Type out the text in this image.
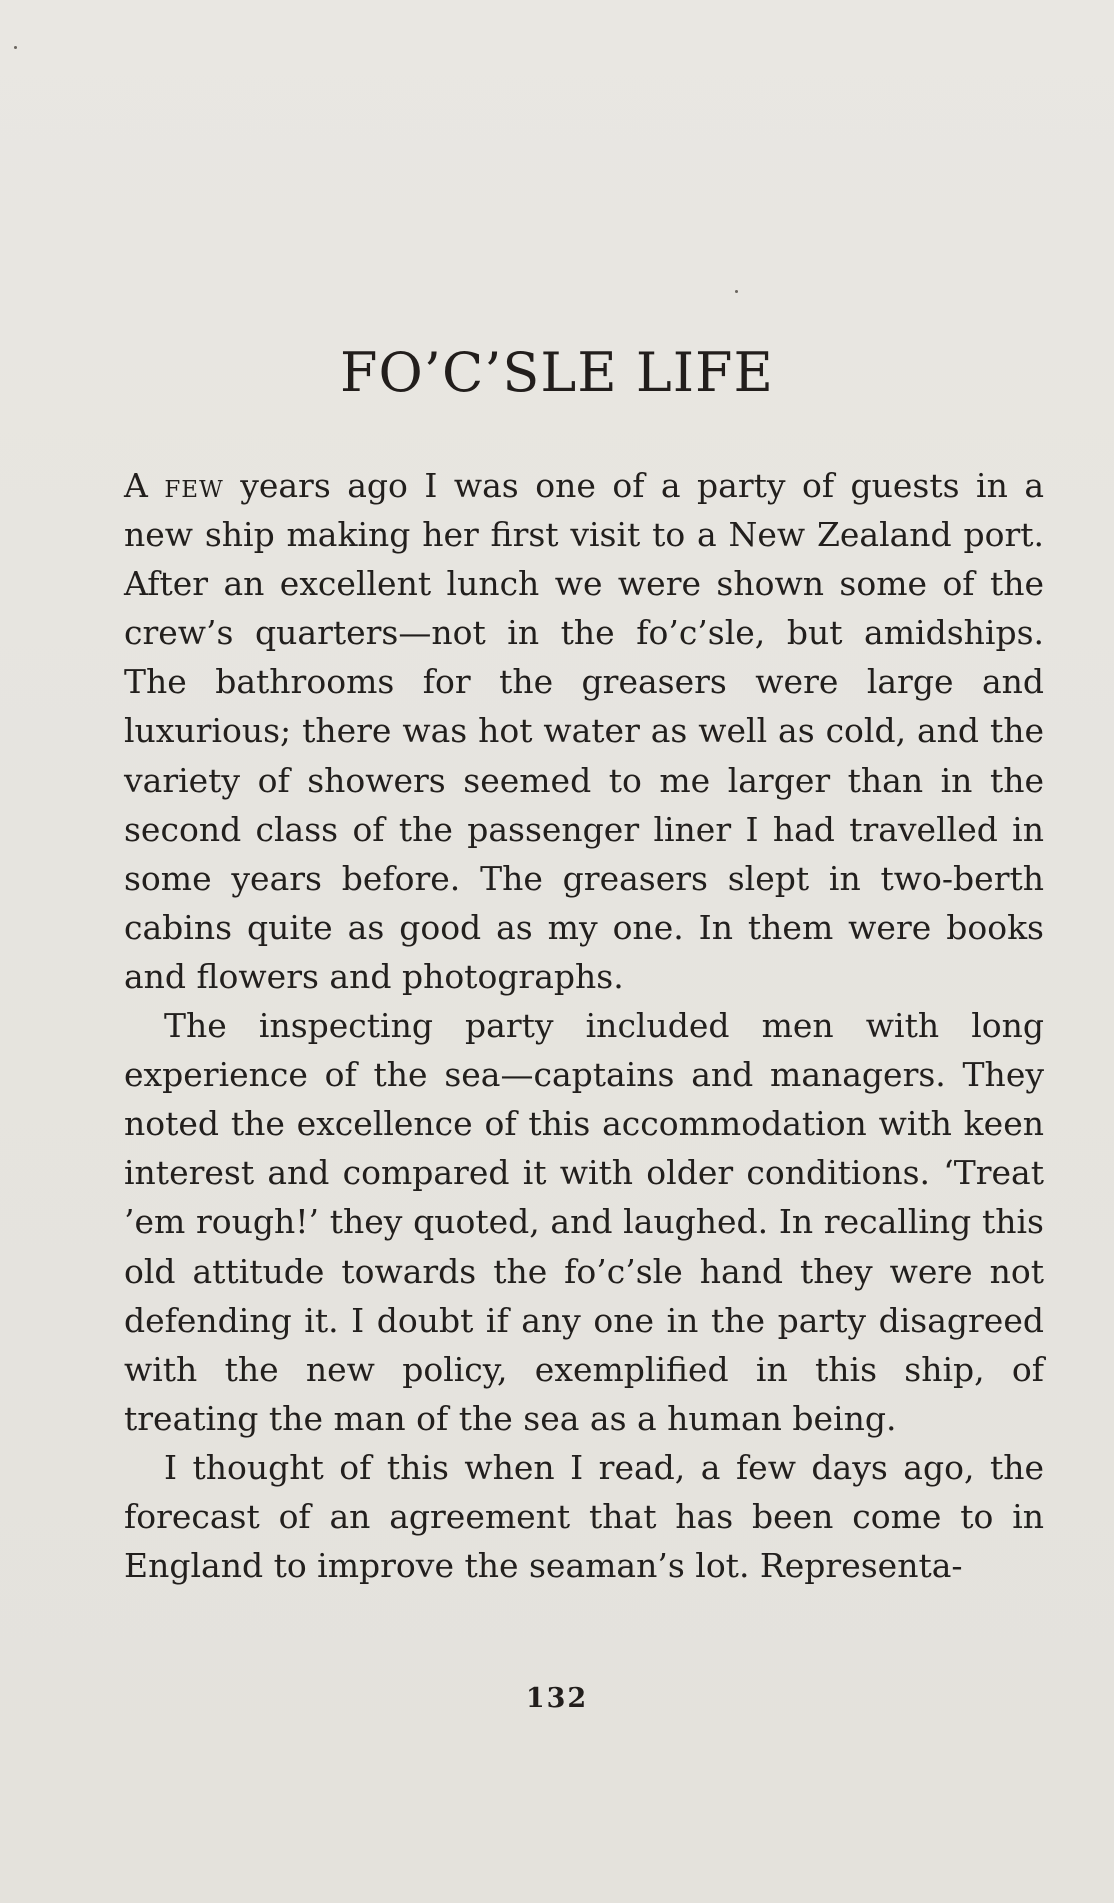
FO’C’SLE LIFE

A few years ago I was one of a party of guests in a new ship making her first visit to a New Zealand port. After an excellent lunch we were shown some of the crew’s quarters—not in the fo’c’sle, but amidships. The bathrooms for the greasers were large and luxurious; there was hot water as well as cold, and the variety of showers seemed to me larger than in the second class of the passenger liner I had travelled in some years before. The greasers slept in two-berth cabins quite as good as my one. In them were books and flowers and photographs.

The inspecting party included men with long experience of the sea—captains and managers. They noted the excellence of this accommodation with keen interest and compared it with older conditions. ‘Treat ’em rough!’ they quoted, and laughed. In recalling this old attitude towards the fo’c’sle hand they were not defending it. I doubt if any one in the party disagreed with the new policy, exemplified in this ship, of treating the man of the sea as a human being.

I thought of this when I read, a few days ago, the forecast of an agreement that has been come to in England to improve the seaman’s lot. Representa-

132
